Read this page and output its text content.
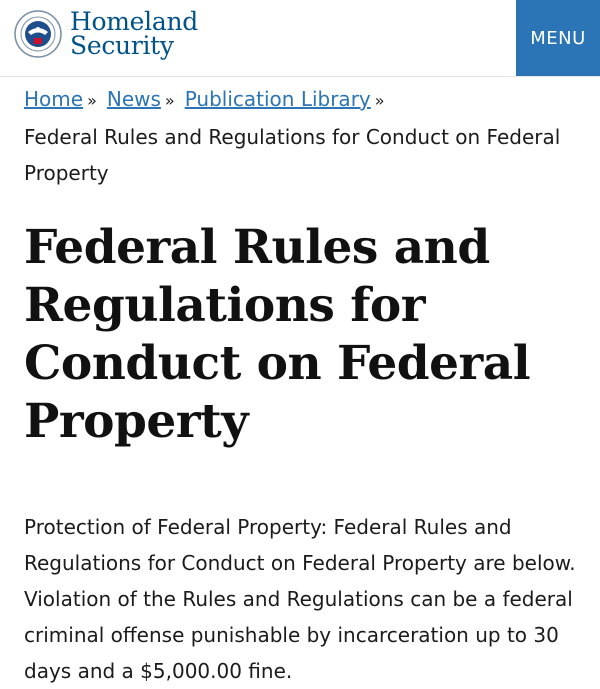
Homeland
Security	MENU
Home » News » Publication Library »
Federal Rules and Regulations for Conduct on Federal Property
Federal Rules and Regulations for Conduct on Federal Property

Protection of Federal Property: Federal Rules and Regulations for Conduct on Federal Property are below. Violation of the Rules and Regulations can be a federal criminal offense punishable by incarceration up to 30 days and a $5,000.00 fine.
